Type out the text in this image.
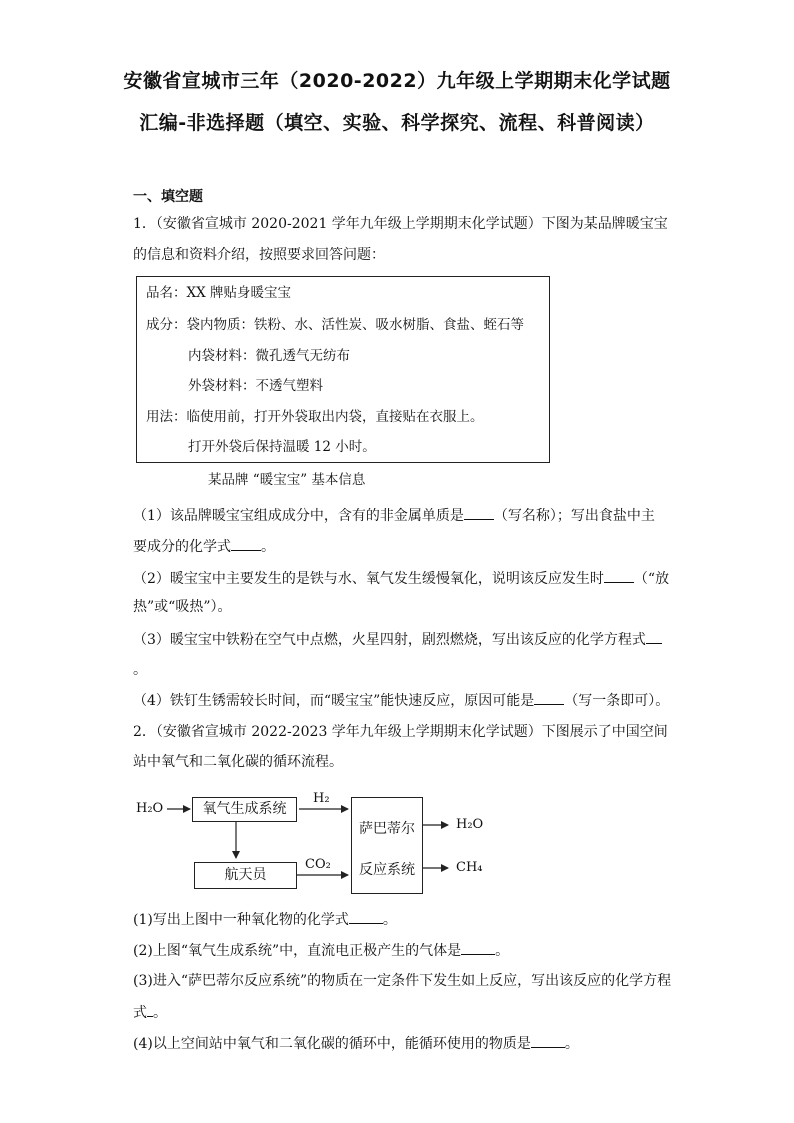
安徽省宣城市三年（2020-2022）九年级上学期期末化学试题
汇编-非选择题（填空、实验、科学探究、流程、科普阅读）
一、填空题
1．（安徽省宣城市 2020-2021 学年九年级上学期期末化学试题）下图为某品牌暖宝宝
的信息和资料介绍，按照要求回答问题：
品名：XX 牌贴身暖宝宝
成分：袋内物质：铁粉、水、活性炭、吸水树脂、食盐、蛭石等
内袋材料：微孔透气无纺布
外袋材料：不透气塑料
用法：临使用前，打开外袋取出内袋，直接贴在衣服上。
打开外袋后保持温暖 12 小时。
某品牌 “暖宝宝” 基本信息
（1）该品牌暖宝宝组成成分中，含有的非金属单质是 （写名称）；写出食盐中主
要成分的化学式 。
（2）暖宝宝中主要发生的是铁与水、氧气发生缓慢氧化，说明该反应发生时 （“放
热”或“吸热”）。
（3）暖宝宝中铁粉在空气中点燃，火星四射，剧烈燃烧，写出该反应的化学方程式
。
（4）铁钉生锈需较长时间，而“暖宝宝”能快速反应，原因可能是 （写一条即可）。
2．（安徽省宣城市 2022-2023 学年九年级上学期期末化学试题）下图展示了中国空间
站中氧气和二氧化碳的循环流程。
H₂O	氧气生成系统
H₂
航天员
CO₂
萨巴蒂尔
反应系统
H₂O
CH₄
(1)写出上图中一种氧化物的化学式 。
(2)上图“氧气生成系统”中，直流电正极产生的气体是 。
(3)进入“萨巴蒂尔反应系统”的物质在一定条件下发生如上反应，写出该反应的化学方程
式 。
(4)以上空间站中氧气和二氧化碳的循环中，能循环使用的物质是 。
